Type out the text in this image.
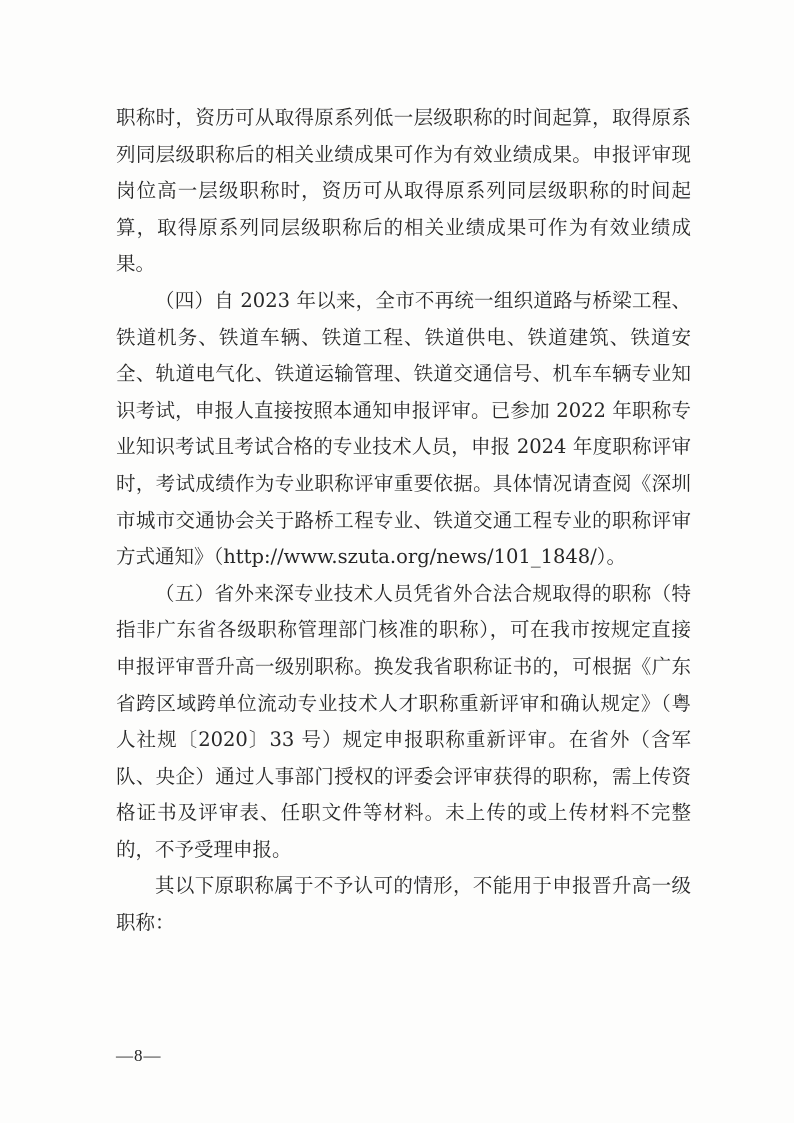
职称时，资历可从取得原系列低一层级职称的时间起算，取得原系列同层级职称后的相关业绩成果可作为有效业绩成果。申报评审现岗位高一层级职称时，资历可从取得原系列同层级职称的时间起算，取得原系列同层级职称后的相关业绩成果可作为有效业绩成果。

（四）自 2023 年以来，全市不再统一组织道路与桥梁工程、铁道机务、铁道车辆、铁道工程、铁道供电、铁道建筑、铁道安全、轨道电气化、铁道运输管理、铁道交通信号、机车车辆专业知识考试，申报人直接按照本通知申报评审。已参加 2022 年职称专业知识考试且考试合格的专业技术人员，申报 2024 年度职称评审时，考试成绩作为专业职称评审重要依据。具体情况请查阅《深圳市城市交通协会关于路桥工程专业、铁道交通工程专业的职称评审方式通知》（http://www.szuta.org/news/101_1848/）。

（五）省外来深专业技术人员凭省外合法合规取得的职称（特指非广东省各级职称管理部门核准的职称），可在我市按规定直接申报评审晋升高一级别职称。换发我省职称证书的，可根据《广东省跨区域跨单位流动专业技术人才职称重新评审和确认规定》（粤人社规〔2020〕33 号）规定申报职称重新评审。在省外（含军队、央企）通过人事部门授权的评委会评审获得的职称，需上传资格证书及评审表、任职文件等材料。未上传的或上传材料不完整的，不予受理申报。

其以下原职称属于不予认可的情形，不能用于申报晋升高一级职称：

—8—
